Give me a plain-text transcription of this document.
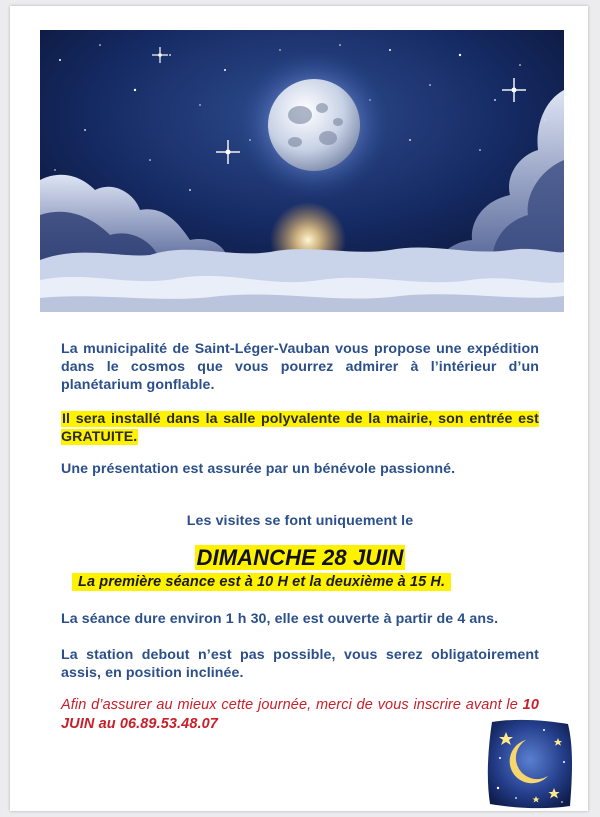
La municipalité de Saint-Léger-Vauban vous propose une expédition dans le cosmos que vous pourrez admirer à l’intérieur d’un planétarium gonflable.
Il sera installé dans la salle polyvalente de la mairie, son entrée est GRATUITE.
Une présentation est assurée par un bénévole passionné.
Les visites se font uniquement le
DIMANCHE 28 JUIN
La première séance est à 10 H et la deuxième à 15 H.
La séance dure environ 1 h 30, elle est ouverte à partir de 4 ans.
La station debout n’est pas possible, vous serez obligatoirement assis, en position inclinée.
Afin d’assurer au mieux cette journée, merci de vous inscrire avant le 10 JUIN au 06.89.53.48.07
